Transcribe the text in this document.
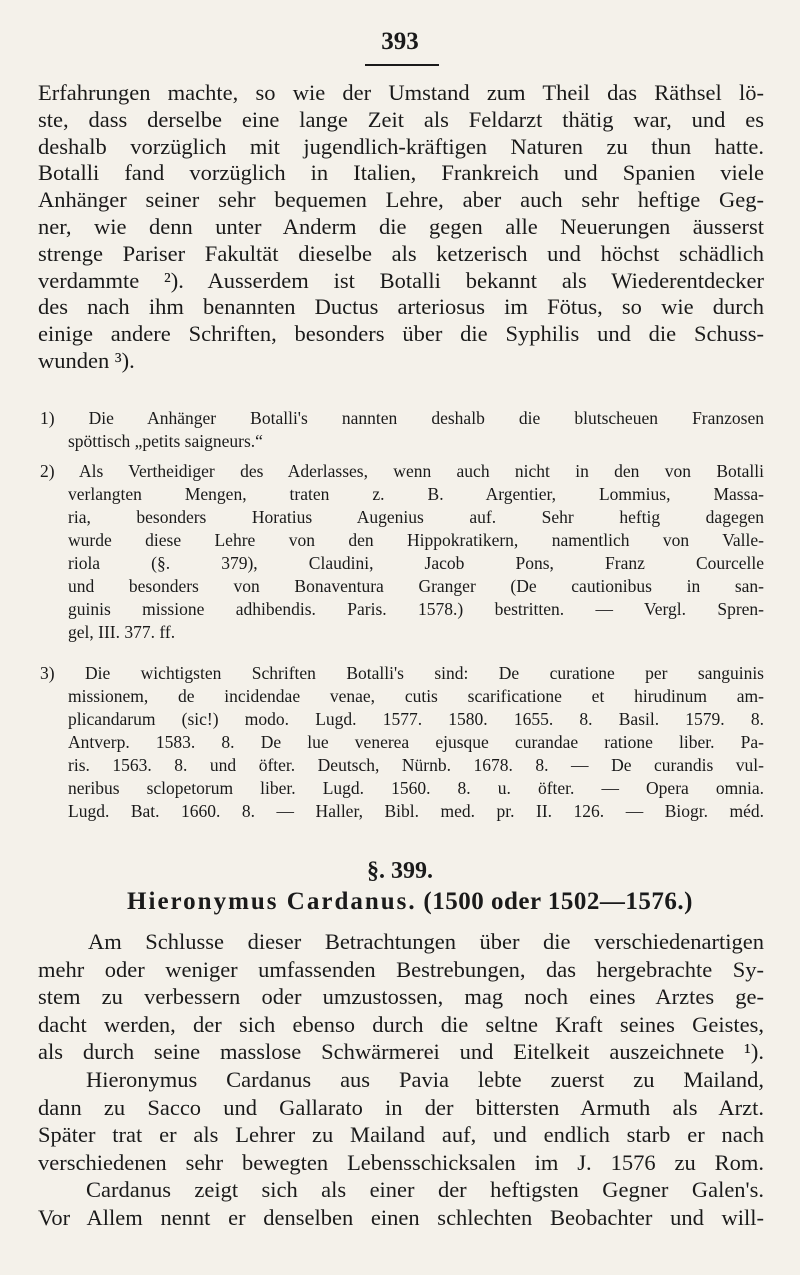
393
Erfahrungen machte, so wie der Umstand zum Theil das Räthsel lö-
ste, dass derselbe eine lange Zeit als Feldarzt thätig war, und es
deshalb vorzüglich mit jugendlich-kräftigen Naturen zu thun hatte.
Botalli fand vorzüglich in Italien, Frankreich und Spanien viele
Anhänger seiner sehr bequemen Lehre, aber auch sehr heftige Geg-
ner, wie denn unter Anderm die gegen alle Neuerungen äusserst
strenge Pariser Fakultät dieselbe als ketzerisch und höchst schädlich
verdammte ²). Ausserdem ist Botalli bekannt als Wiederentdecker
des nach ihm benannten Ductus arteriosus im Fötus, so wie durch
einige andere Schriften, besonders über die Syphilis und die Schuss-
wunden ³).
1) Die Anhänger Botalli's nannten deshalb die blutscheuen Franzosen
spöttisch „petits saigneurs.“
2) Als Vertheidiger des Aderlasses, wenn auch nicht in den von Botalli
verlangten Mengen, traten z. B. Argentier, Lommius, Massa-
ria, besonders Horatius Augenius auf. Sehr heftig dagegen
wurde diese Lehre von den Hippokratikern, namentlich von Valle-
riola (§. 379), Claudini, Jacob Pons, Franz Courcelle
und besonders von Bonaventura Granger (De cautionibus in san-
guinis missione adhibendis. Paris. 1578.) bestritten. — Vergl. Spren-
gel, III. 377. ff.
3) Die wichtigsten Schriften Botalli's sind: De curatione per sanguinis
missionem, de incidendae venae, cutis scarificatione et hirudinum am-
plicandarum (sic!) modo. Lugd. 1577. 1580. 1655. 8. Basil. 1579. 8.
Antverp. 1583. 8. De lue venerea ejusque curandae ratione liber. Pa-
ris. 1563. 8. und öfter. Deutsch, Nürnb. 1678. 8. — De curandis vul-
neribus sclopetorum liber. Lugd. 1560. 8. u. öfter. — Opera omnia.
Lugd. Bat. 1660. 8. — Haller, Bibl. med. pr. II. 126. — Biogr. méd.
§. 399.
Hieronymus Cardanus. (1500 oder 1502—1576.)
Am Schlusse dieser Betrachtungen über die verschiedenartigen
mehr oder weniger umfassenden Bestrebungen, das hergebrachte Sy-
stem zu verbessern oder umzustossen, mag noch eines Arztes ge-
dacht werden, der sich ebenso durch die seltne Kraft seines Geistes,
als durch seine masslose Schwärmerei und Eitelkeit auszeichnete ¹).
Hieronymus Cardanus aus Pavia lebte zuerst zu Mailand,
dann zu Sacco und Gallarato in der bittersten Armuth als Arzt.
Später trat er als Lehrer zu Mailand auf, und endlich starb er nach
verschiedenen sehr bewegten Lebensschicksalen im J. 1576 zu Rom.
Cardanus zeigt sich als einer der heftigsten Gegner Galen's.
Vor Allem nennt er denselben einen schlechten Beobachter und will-
